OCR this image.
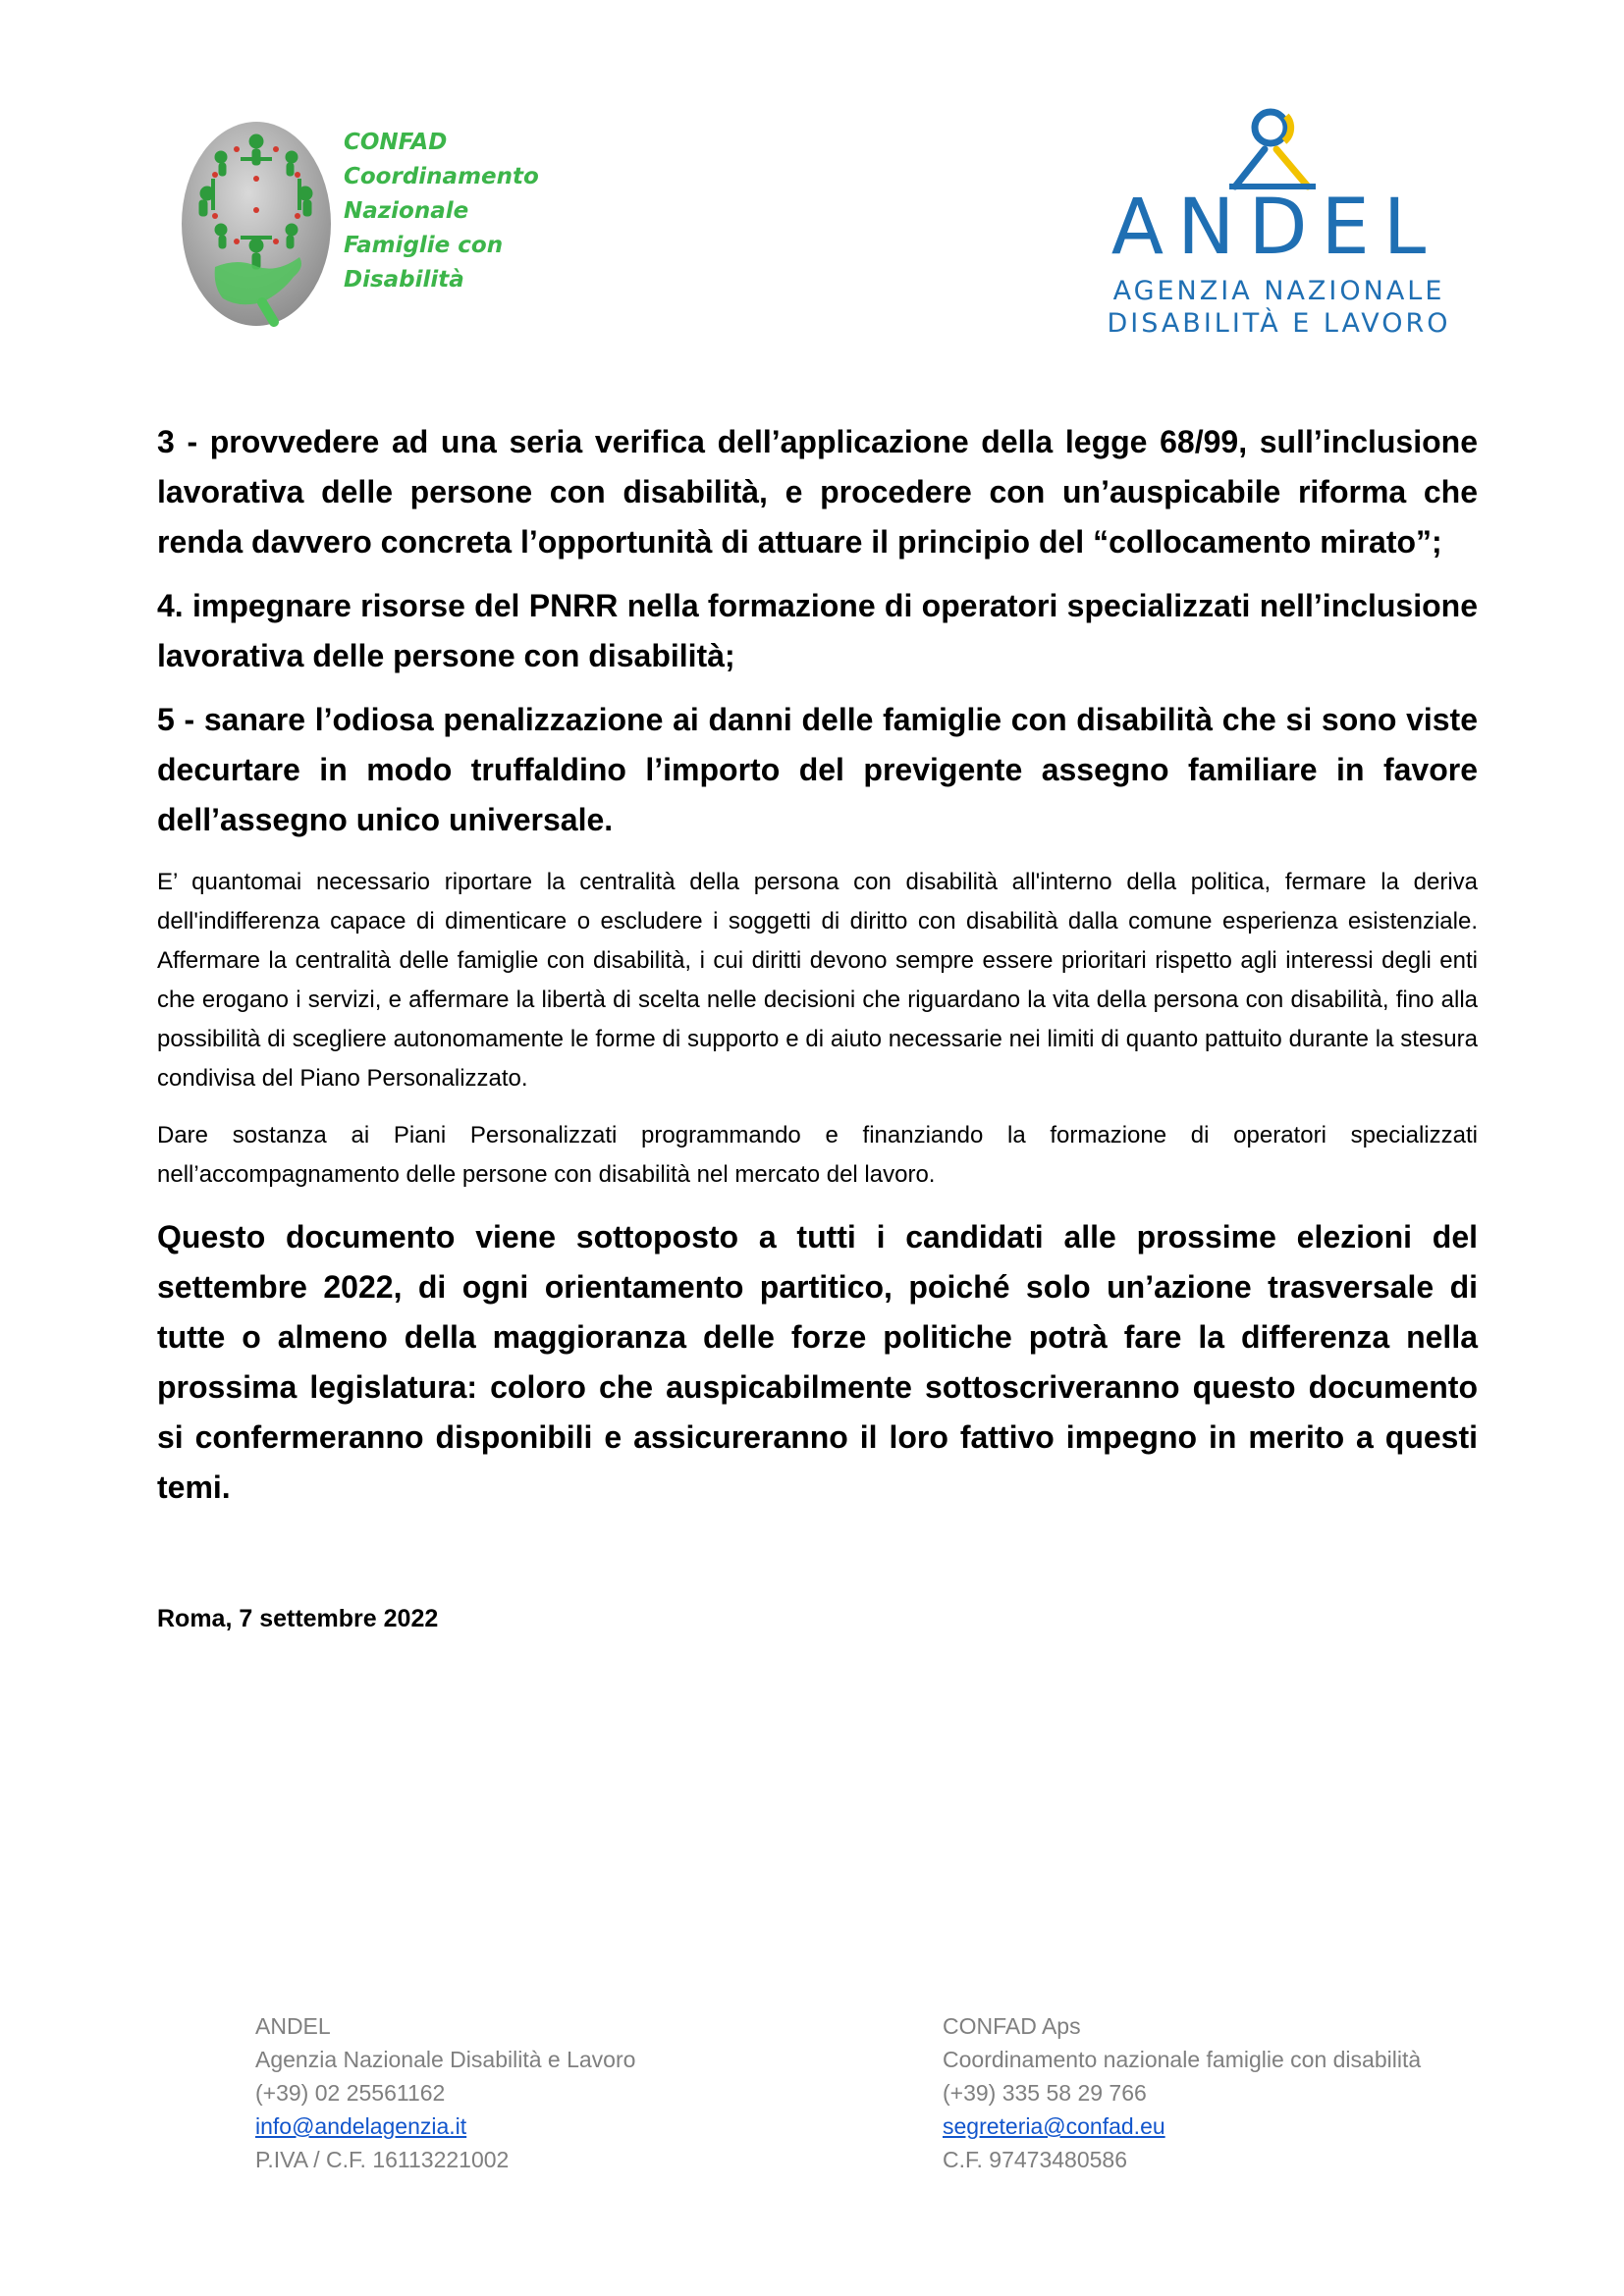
CONFAD
Coordinamento
Nazionale
Famiglie con
Disabilità
ANDEL
AGENZIA NAZIONALE
DISABILITÀ E LAVORO

3 - provvedere ad una seria verifica dell’applicazione della legge 68/99, sull’inclusione lavorativa delle persone con disabilità, e procedere con un’auspicabile riforma che renda davvero concreta l’opportunità di attuare il principio del “collocamento mirato”;

4. impegnare risorse del PNRR nella formazione di operatori specializzati nell’inclusione lavorativa delle persone con disabilità;

5 - sanare l’odiosa penalizzazione ai danni delle famiglie con disabilità che si sono viste decurtare in modo truffaldino l’importo del previgente assegno familiare in favore dell’assegno unico universale.

E’ quantomai necessario riportare la centralità della persona con disabilità all'interno della politica, fermare la deriva dell'indifferenza capace di dimenticare o escludere i soggetti di diritto con disabilità dalla comune esperienza esistenziale. Affermare la centralità delle famiglie con disabilità, i cui diritti devono sempre essere prioritari rispetto agli interessi degli enti che erogano i servizi, e affermare la libertà di scelta nelle decisioni che riguardano la vita della persona con disabilità, fino alla possibilità di scegliere autonomamente le forme di supporto e di aiuto necessarie nei limiti di quanto pattuito durante la stesura condivisa del Piano Personalizzato.

Dare sostanza ai Piani Personalizzati programmando e finanziando la formazione di operatori specializzati nell’accompagnamento delle persone con disabilità nel mercato del lavoro.

Questo documento viene sottoposto a tutti i candidati alle prossime elezioni del settembre 2022, di ogni orientamento partitico, poiché solo un’azione trasversale di tutte o almeno della maggioranza delle forze politiche potrà fare la differenza nella prossima legislatura: coloro che auspicabilmente sottoscriveranno questo documento si confermeranno disponibili e assicureranno il loro fattivo impegno in merito a questi temi.

Roma, 7 settembre 2022

ANDEL
Agenzia Nazionale Disabilità e Lavoro
(+39) 02 25561162
info@andelagenzia.it
P.IVA / C.F. 16113221002
CONFAD Aps
Coordinamento nazionale famiglie con disabilità
(+39) 335 58 29 766
segreteria@confad.eu
C.F. 97473480586
